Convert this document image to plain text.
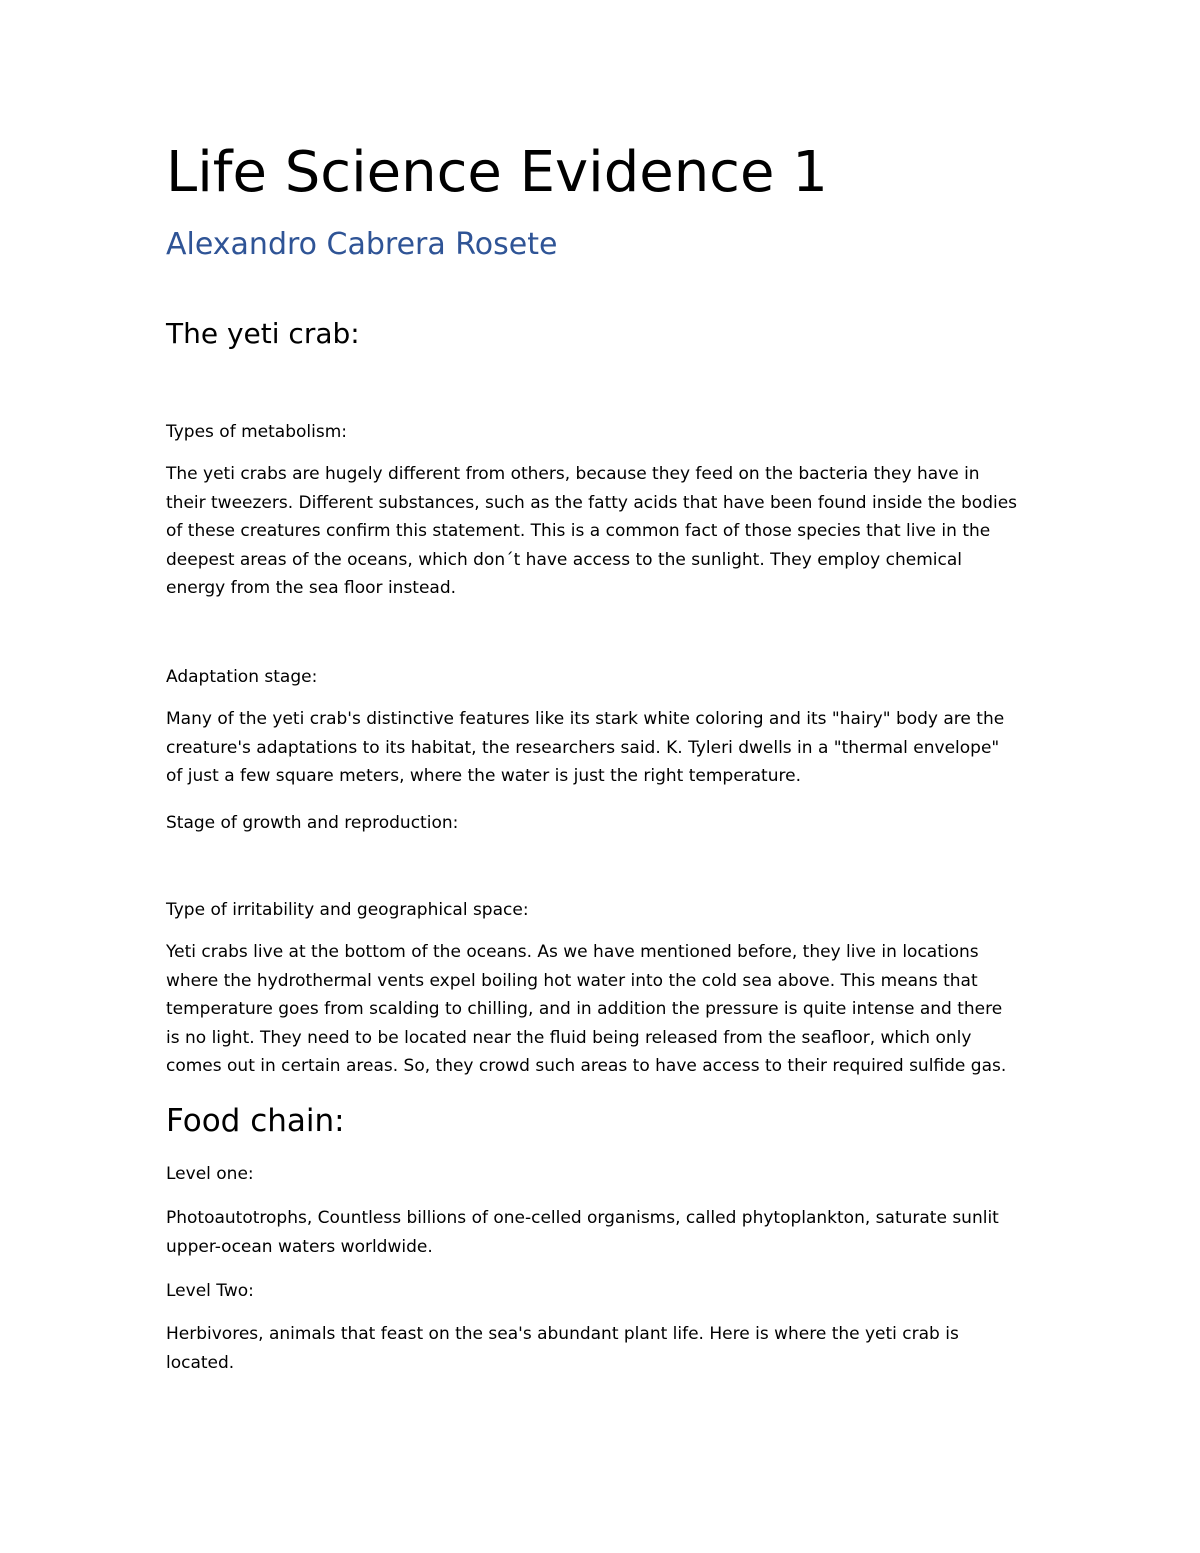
Life Science Evidence 1
Alexandro Cabrera Rosete
The yeti crab:

Types of metabolism:

The yeti crabs are hugely different from others, because they feed on the bacteria they have in
their tweezers. Different substances, such as the fatty acids that have been found inside the bodies
of these creatures confirm this statement. This is a common fact of those species that live in the
deepest areas of the oceans, which don´t have access to the sunlight. They employ chemical
energy from the sea floor instead.

Adaptation stage:

Many of the yeti crab's distinctive features like its stark white coloring and its "hairy" body are the
creature's adaptations to its habitat, the researchers said. K. Tyleri dwells in a "thermal envelope"
of just a few square meters, where the water is just the right temperature.

Stage of growth and reproduction:

Type of irritability and geographical space:

Yeti crabs live at the bottom of the oceans. As we have mentioned before, they live in locations
where the hydrothermal vents expel boiling hot water into the cold sea above. This means that
temperature goes from scalding to chilling, and in addition the pressure is quite intense and there
is no light. They need to be located near the fluid being released from the seafloor, which only
comes out in certain areas. So, they crowd such areas to have access to their required sulfide gas.
Food chain:

Level one:

Photoautotrophs, Countless billions of one-celled organisms, called phytoplankton, saturate sunlit
upper-ocean waters worldwide.

Level Two:

Herbivores, animals that feast on the sea's abundant plant life. Here is where the yeti crab is
located.
